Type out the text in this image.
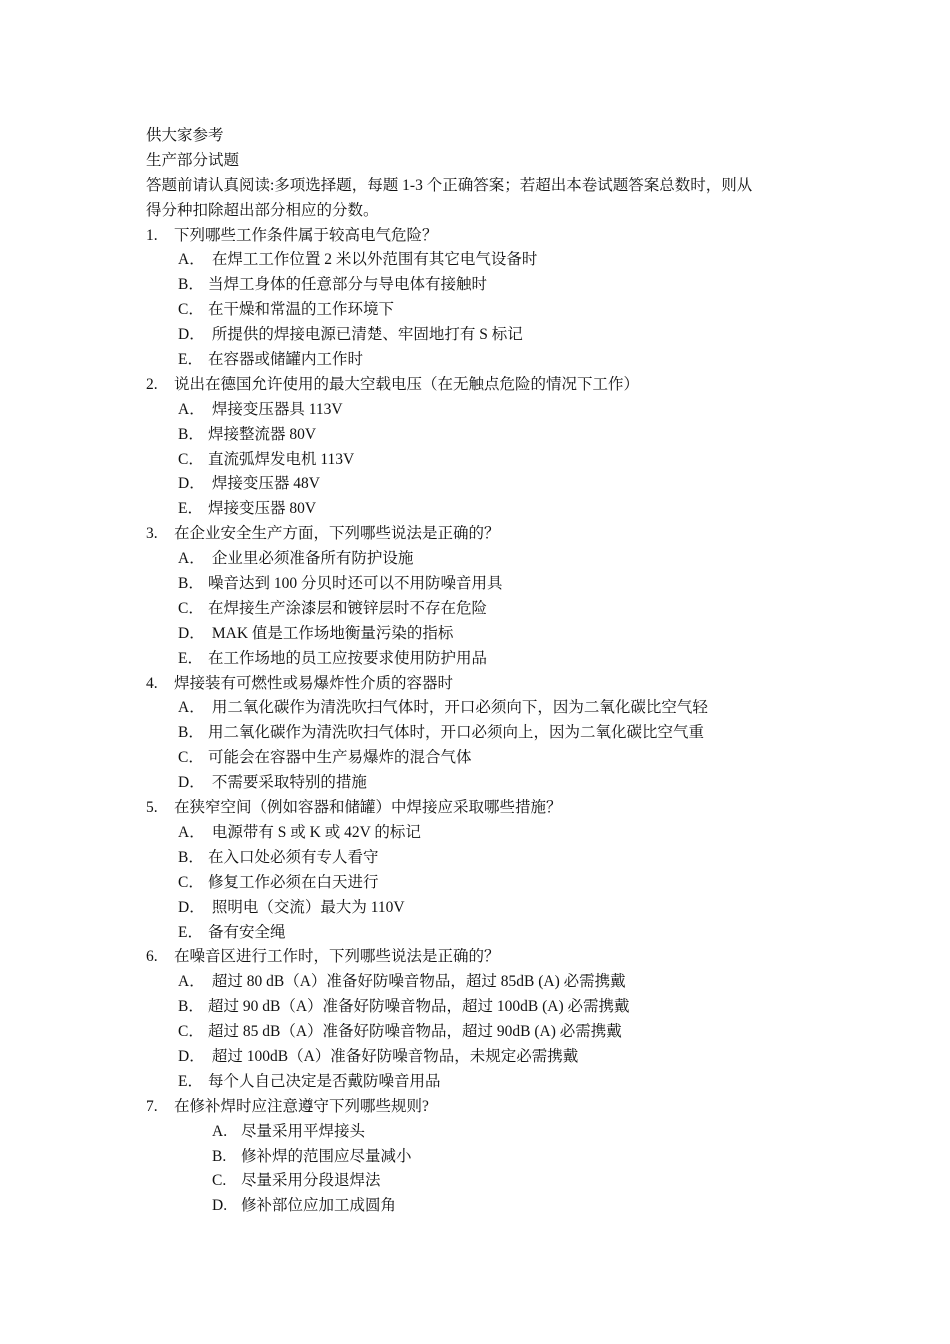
供大家参考
生产部分试题
答题前请认真阅读:多项选择题，每题 1-3 个正确答案；若超出本卷试题答案总数时，则从
得分种扣除超出部分相应的分数。
1. 下列哪些工作条件属于较高电气危险？
A． 在焊工工作位置 2 米以外范围有其它电气设备时
B． 当焊工身体的任意部分与导电体有接触时
C． 在干燥和常温的工作环境下
D． 所提供的焊接电源已清楚、牢固地打有 S 标记
E． 在容器或储罐内工作时
2. 说出在德国允许使用的最大空载电压（在无触点危险的情况下工作）
A． 焊接变压器具 113V
B． 焊接整流器 80V
C． 直流弧焊发电机 113V
D． 焊接变压器 48V
E． 焊接变压器 80V
3. 在企业安全生产方面，下列哪些说法是正确的？
A． 企业里必须准备所有防护设施
B． 噪音达到 100 分贝时还可以不用防噪音用具
C． 在焊接生产涂漆层和镀锌层时不存在危险
D． MAK 值是工作场地衡量污染的指标
E． 在工作场地的员工应按要求使用防护用品
4. 焊接装有可燃性或易爆炸性介质的容器时
A． 用二氧化碳作为清洗吹扫气体时，开口必须向下，因为二氧化碳比空气轻
B． 用二氧化碳作为清洗吹扫气体时，开口必须向上，因为二氧化碳比空气重
C． 可能会在容器中生产易爆炸的混合气体
D． 不需要采取特别的措施
5. 在狭窄空间（例如容器和储罐）中焊接应采取哪些措施？
A． 电源带有 S 或 K 或 42V 的标记
B． 在入口处必须有专人看守
C． 修复工作必须在白天进行
D． 照明电（交流）最大为 110V
E． 备有安全绳
6. 在噪音区进行工作时，下列哪些说法是正确的？
A． 超过 80 dB（A）准备好防噪音物品，超过 85dB (A) 必需携戴
B． 超过 90 dB（A）准备好防噪音物品，超过 100dB (A) 必需携戴
C． 超过 85 dB（A）准备好防噪音物品，超过 90dB (A) 必需携戴
D． 超过 100dB（A）准备好防噪音物品，未规定必需携戴
E． 每个人自己决定是否戴防噪音用品
7. 在修补焊时应注意遵守下列哪些规则?
A. 尽量采用平焊接头
B. 修补焊的范围应尽量减小
C. 尽量采用分段退焊法
D. 修补部位应加工成圆角
